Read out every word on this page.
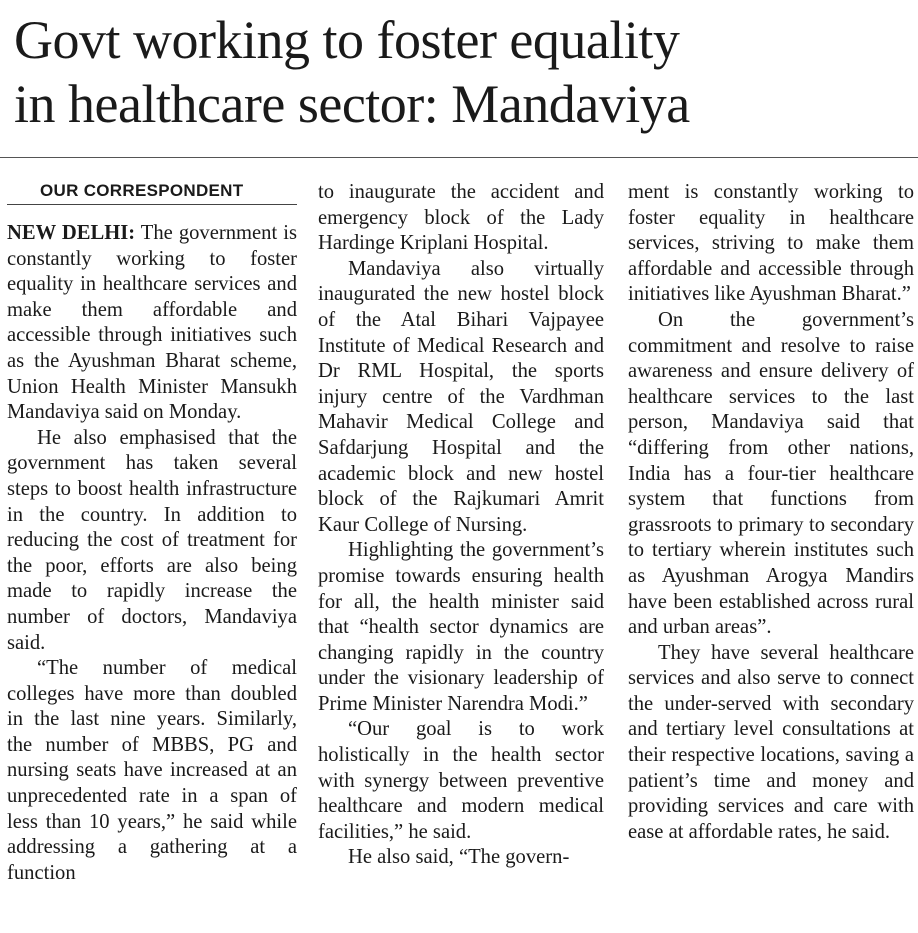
Govt working to foster equality
in healthcare sector: Mandaviya
OUR CORRESPONDENT

NEW DELHI: The government is constantly working to foster equality in healthcare services and make them affordable and accessible through initiatives such as the Ayushman Bharat scheme, Union Health Minister Mansukh Mandaviya said on Monday.

He also emphasised that the government has taken several steps to boost health infrastructure in the country. In addition to reducing the cost of treatment for the poor, efforts are also being made to rapidly increase the number of doctors, Mandaviya said.

“The number of medical colleges have more than doubled in the last nine years. Similarly, the number of MBBS, PG and nursing seats have increased at an unprecedented rate in a span of less than 10 years,” he said while addressing a gathering at a function

to inaugurate the accident and emergency block of the Lady Hardinge Kriplani Hospital.

Mandaviya also virtually inaugurated the new hostel block of the Atal Bihari Vajpayee Institute of Medical Research and Dr RML Hospital, the sports injury centre of the Vardhman Mahavir Medical College and Safdarjung Hospital and the academic block and new hostel block of the Rajkumari Amrit Kaur College of Nursing.

Highlighting the government’s promise towards ensuring health for all, the health minister said that “health sector dynamics are changing rapidly in the country under the visionary leadership of Prime Minister Narendra Modi.”

“Our goal is to work holistically in the health sector with synergy between preventive healthcare and modern medical facilities,” he said.

He also said, “The govern-

ment is constantly working to foster equality in healthcare services, striving to make them affordable and accessible through initiatives like Ayushman Bharat.”

On the government’s commitment and resolve to raise awareness and ensure delivery of healthcare services to the last person, Mandaviya said that “differing from other nations, India has a four-tier healthcare system that functions from grassroots to primary to secondary to tertiary wherein institutes such as Ayushman Arogya Mandirs have been established across rural and urban areas”.

They have several healthcare services and also serve to connect the under-served with secondary and tertiary level consultations at their respective locations, saving a patient’s time and money and providing services and care with ease at affordable rates, he said.
